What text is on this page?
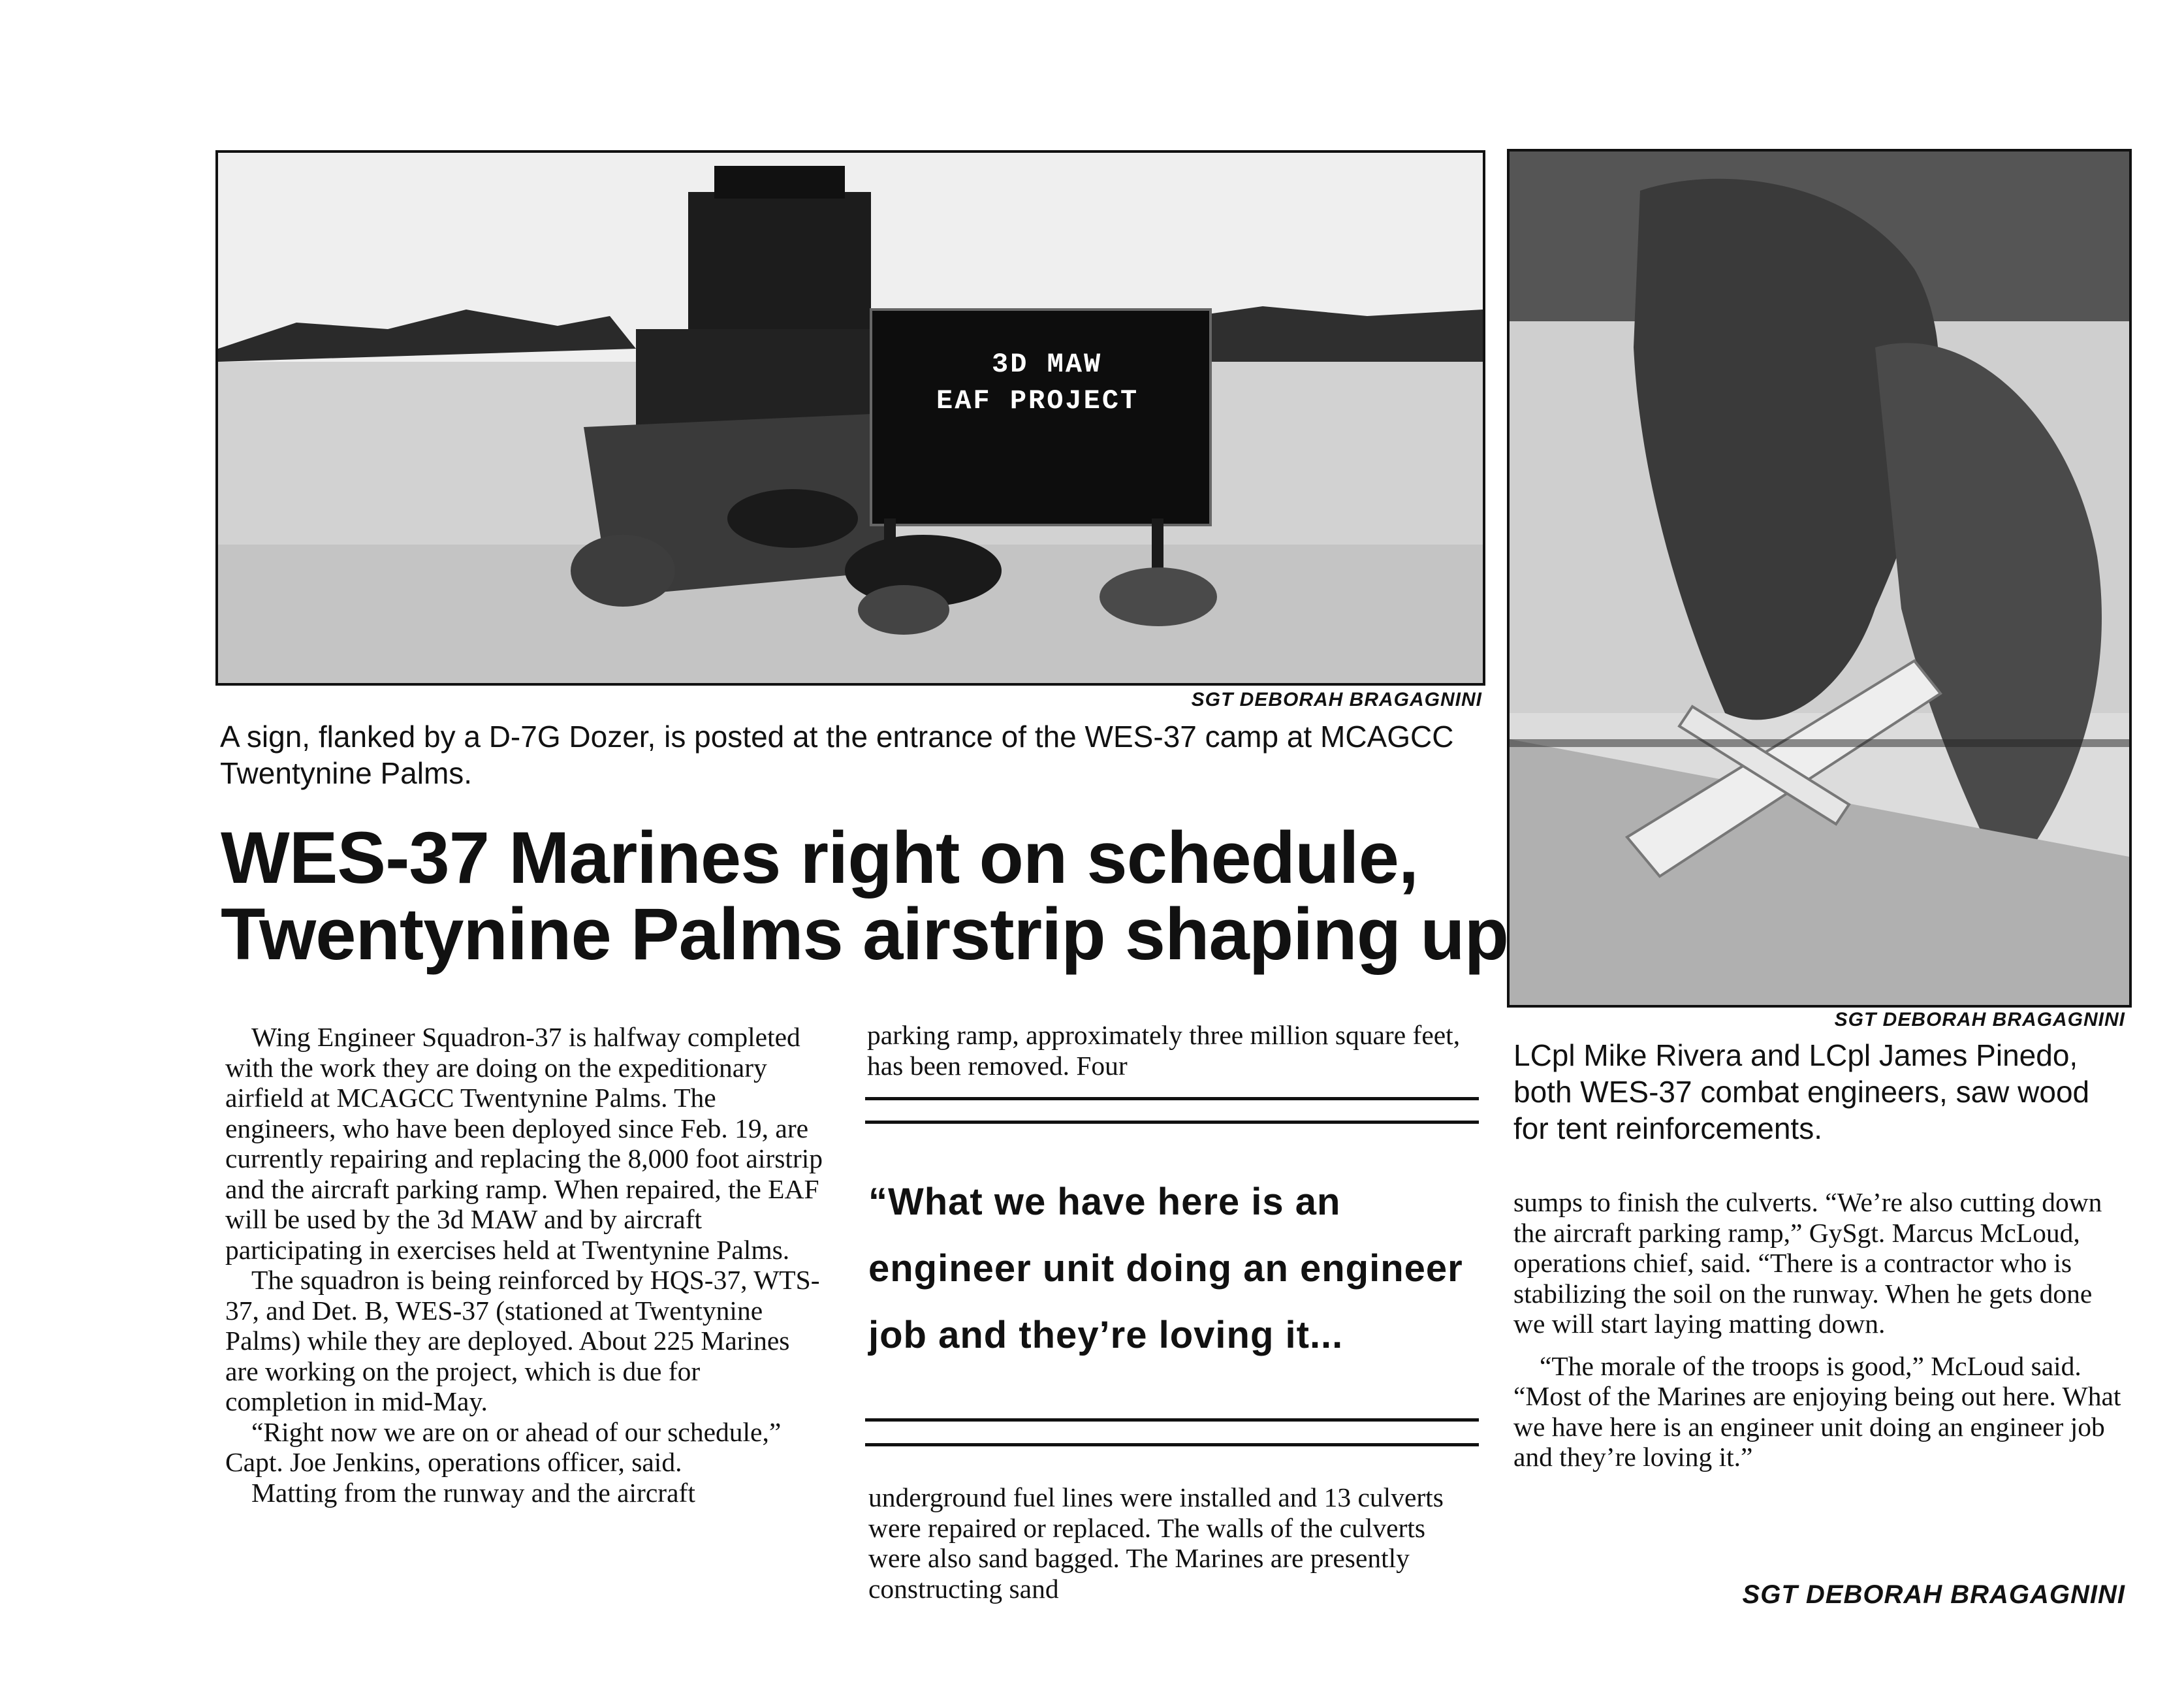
3D MAW
EAF PROJECT
SGT DEBORAH BRAGAGNINI
A sign, flanked by a D-7G Dozer, is posted at the entrance of the WES-37 camp at MCAGCC Twentynine Palms.
SGT DEBORAH BRAGAGNINI
LCpl Mike Rivera and LCpl James Pinedo, both WES-37 combat engineers, saw wood for tent reinforcements.
WES-37 Marines right on schedule,
Twentynine Palms airstrip shaping up

Wing Engineer Squadron-37 is halfway completed with the work they are doing on the expeditionary airfield at MCAGCC Twentynine Palms. The engineers, who have been deployed since Feb. 19, are currently repairing and replacing the 8,000 foot airstrip and the aircraft parking ramp. When repaired, the EAF will be used by the 3d MAW and by aircraft participating in exercises held at Twentynine Palms.

The squadron is being reinforced by HQS-37, WTS-37, and Det. B, WES-37 (stationed at Twentynine Palms) while they are deployed. About 225 Marines are working on the project, which is due for completion in mid-May.

“Right now we are on or ahead of our schedule,” Capt. Joe Jenkins, operations officer, said.

Matting from the runway and the aircraft

parking ramp, approximately three million square feet, has been removed. Four

“What we have here is an engineer unit doing an engineer job and they’re loving it...

underground fuel lines were installed and 13 culverts were repaired or replaced. The walls of the culverts were also sand bagged. The Marines are presently constructing sand

sumps to finish the culverts. “We’re also cutting down the aircraft parking ramp,” GySgt. Marcus McLoud, operations chief, said. “There is a contractor who is stabilizing the soil on the runway. When he gets done we will start laying matting down.

“The morale of the troops is good,” McLoud said. “Most of the Marines are enjoying being out here. What we have here is an engineer unit doing an engineer job and they’re loving it.”

SGT DEBORAH BRAGAGNINI
